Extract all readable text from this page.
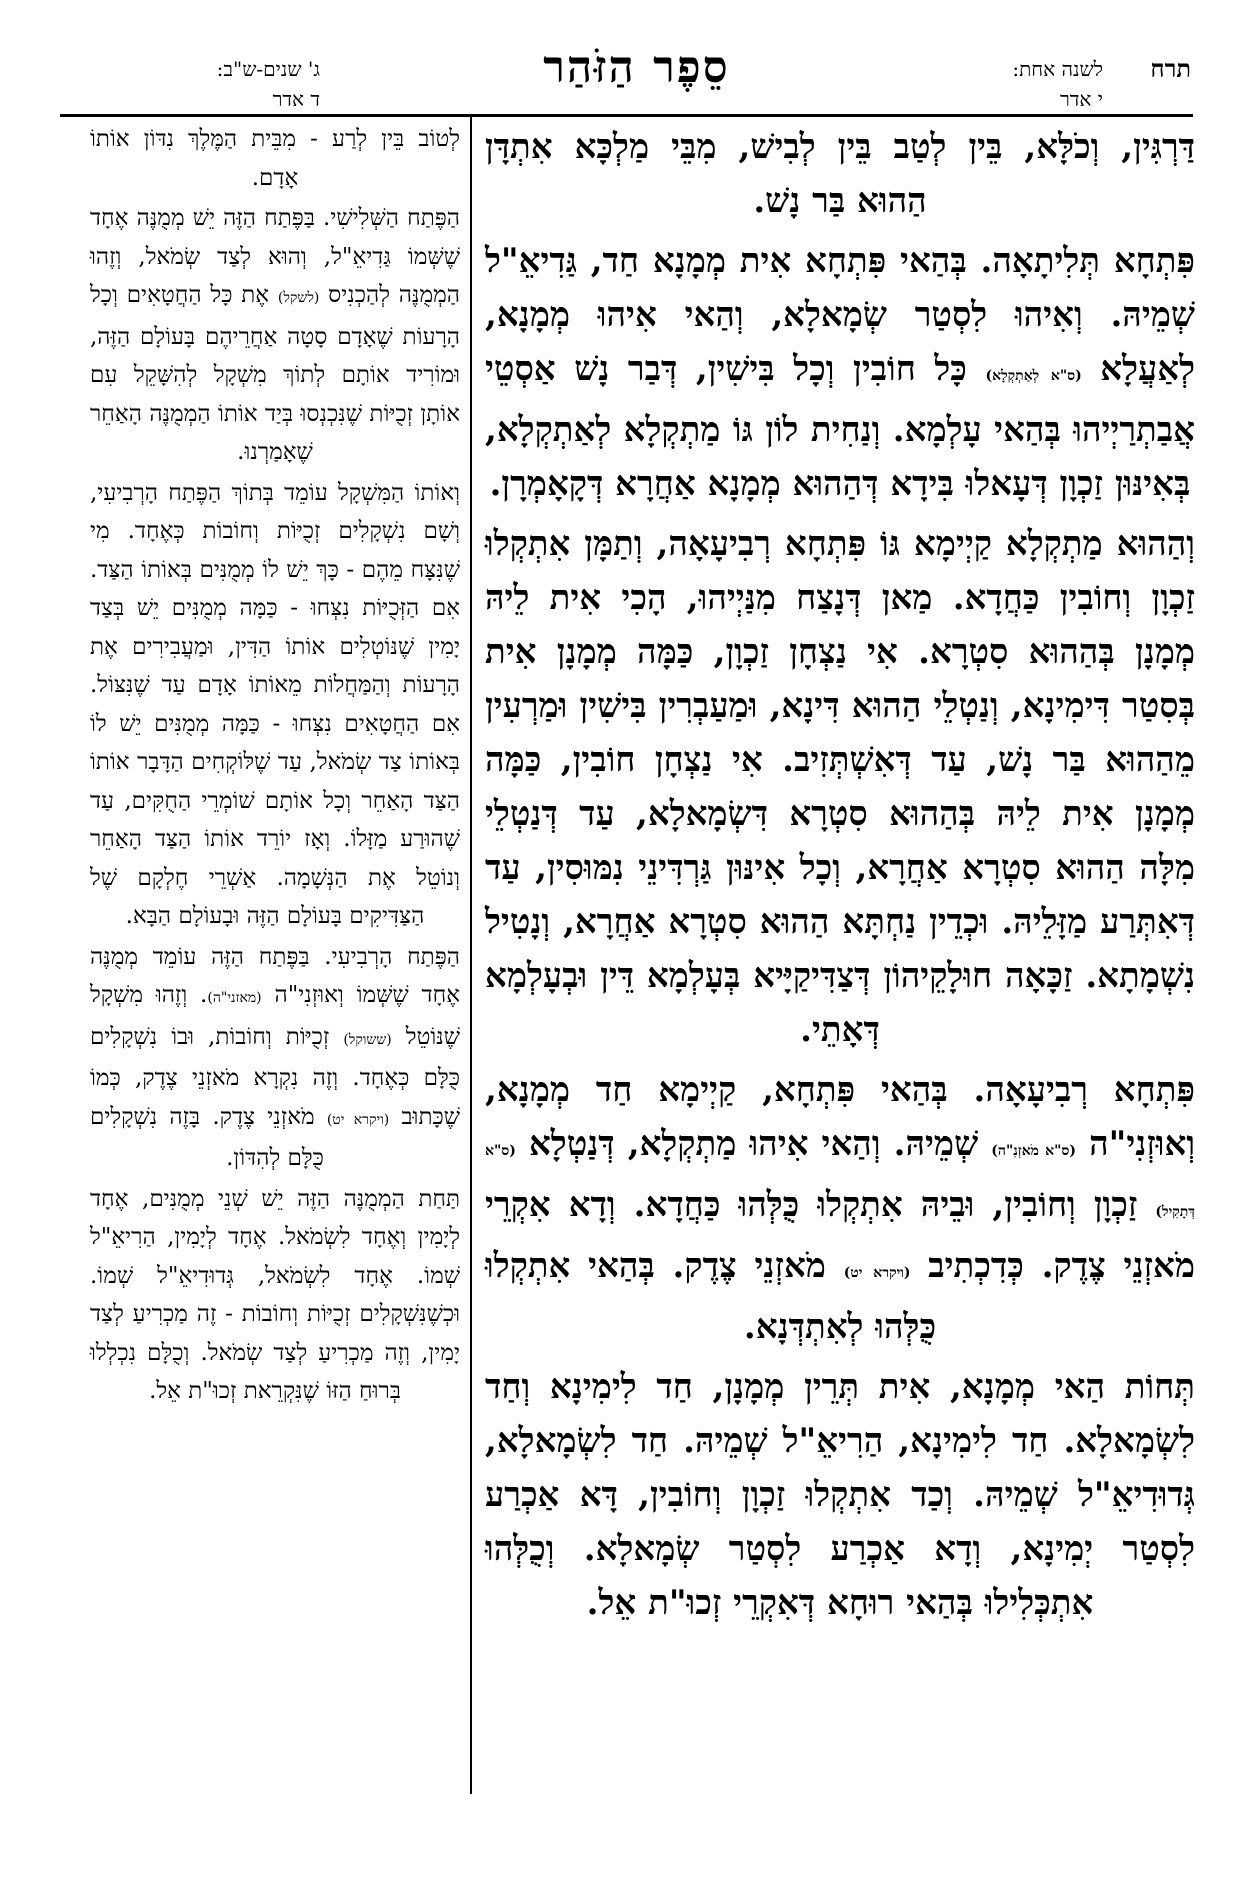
תרח
לשנה אחת:
י אדר
סֵפֶר הַזֹּהַר
ג' שנים-ש"ב:
ד אדר

דַּרְגִּין, וְכֹלָּא, בֵּין לְטַב בֵּין לְבִישׁ, מִבֵּי מַלְכָּא אִתְדָּן הַהוּא בַּר נָשׁ.

פִּתְחָא תְּלִיתָאָה. בְּהַאי פִּתְחָא אִית מְמָנָא חַד, גַּדִיאֵ"ל שְׁמֵיהּ. וְאִיהוּ לִסְטַר שְׂמָאלָא, וְהַאי אִיהוּ מְמָנָא, לְאַעֲלָא (ס"א לְאַתְקְלָא) כָּל חוֹבִין וְכָל בִּישִׁין, דְּבַר נָשׁ אַסְטֵי אֲבַתְרַיְיהוּ בְּהַאי עָלְמָא. וְנַחִית לוֹן גּוֹ מַתְקְלָא לְאַתְקְלָא, בְּאִינּוּן זַכְוָן דְּעָאלוּ בִּידָא דְּהַהוּא מְמָנָא אַחֲרָא דְּקָאָמְרָן.

וְהַהוּא מַתְקְלָא קַיְימָא גּוֹ פִּתְחָא רְבִיעָאָה, וְתַמָּן אִתְקְלוּ זַכְוָן וְחוֹבִין כַּחֲדָא. מַאן דְּנָצַח מִנַּיְיהוּ, הָכִי אִית לֵיהּ מְמָנָן בְּהַהוּא סִטְרָא. אִי נַצְחָן זַכְוָן, כַּמָּה מְמָנָן אִית בְּסִטַר דִּימִינָא, וְנַטְלֵי הַהוּא דִּינָא, וּמַעַבְרִין בִּישִׁין וּמַרְעִין מֵהַהוּא בַּר נָשׁ, עַד דְּאִשְׁתְּזִיב. אִי נַצְחָן חוֹבִין, כַּמָּה מְמָנָן אִית לֵיהּ בְּהַהוּא סִטְרָא דִּשְׂמָאלָא, עַד דְּנַטְלֵי מִלָּה הַהוּא סִטְרָא אַחֲרָא, וְכָל אִינּוּן גַּרְדִּינֵי נִמּוּסִין, עַד דְּאִתְּרַע מַזָּלֵיהּ. וּכְדֵין נַחְתָּא הַהוּא סִטְרָא אַחֲרָא, וְנָטִיל נִשְׁמָתָא. זַכָּאָה חוּלָקֵיהוֹן דְּצַדִּיקַיָּיא בְּעָלְמָא דֵּין וּבְעָלְמָא דְּאָתֵי.

פִּתְחָא רְבִיעָאָה. בְּהַאי פִּתְחָא, קַיְימָא חַד מְמָנָא, וְאוּזְנִי"ה (ס"א מֹאזְנִ"ה) שְׁמֵיהּ. וְהַאי אִיהוּ מַתְקְלָא, דְּנַטְלָא (ס"א דְּתָקִיל) זַכְוָן וְחוֹבִין, וּבֵיהּ אִתְקְלוּ כֻּלְּהוּ כַּחֲדָא. וְדָא אִקְרֵי מֹאזְנֵי צֶדֶק. כְּדִכְתִיב (ויקרא יט) מֹאזְנֵי צֶדֶק. בְּהַאי אִתְקְלוּ כֻּלְּהוּ לְאִתְדְּנָא.

תְּחוֹת הַאי מְמָנָא, אִית תְּרֵין מְמָנָן, חַד לִימִינָא וְחַד לִשְׂמָאלָא. חַד לִימִינָא, הַרִיאֵ"ל שְׁמֵיהּ. חַד לִשְׂמָאלָא, גְּדוּדִיאֵ"ל שְׁמֵיהּ. וְכַד אִתְקְלוּ זַכְוָן וְחוֹבִין, דָּא אַכְרַע לִסְטַר יְמִינָא, וְדָא אַכְרַע לִסְטַר שְׂמָאלָא. וְכֻלְּהוּ אִתְכְּלִילוּ בְּהַאי רוּחָא דְּאִקְרֵי זְכוּ"ת אֵל.

לְטוֹב בֵּין לְרַע - מִבֵּית הַמֶּלֶךְ נִדּוֹן אוֹתוֹ אָדָם.

הַפֶּתַח הַשְּׁלִישִׁי. בַּפֶּתַח הַזֶּה יֵשׁ מְמֻנֶּה אֶחָד שֶׁשְּׁמוֹ גַּדִיאֵ"ל, וְהוּא לְצַד שְׂמֹאל, וְזֶהוּ הַמְמֻנֶּה לְהַכְנִיס (לשקל) אֶת כָּל הַחֲטָאִים וְכָל הָרָעוֹת שֶׁאָדָם סָטָה אַחֲרֵיהֶם בָּעוֹלָם הַזֶּה, וּמוֹרִיד אוֹתָם לְתוֹךְ מִשְׁקָל לְהִשָּׁקֵל עִם אוֹתָן זְכֻיּוֹת שֶׁנִּכְנְסוּ בְּיַד אוֹתוֹ הַמְמֻנֶּה הָאַחֵר שֶׁאָמַרְנוּ.

וְאוֹתוֹ הַמִּשְׁקָל עוֹמֵד בְּתוֹךְ הַפֶּתַח הָרְבִיעִי, וְשָׁם נִשְׁקָלִים זְכֻיּוֹת וְחוֹבוֹת כְּאֶחָד. מִי שֶׁנִּצָּח מֵהֶם - כָּךְ יֵשׁ לוֹ מְמֻנִּים בְּאוֹתוֹ הַצַּד. אִם הַזְּכֻיּוֹת נִצְּחוּ - כַּמָּה מְמֻנִּים יֵשׁ בְּצַד יָמִין שֶׁנּוֹטְלִים אוֹתוֹ הַדִּין, וּמַעֲבִירִים אֶת הָרָעוֹת וְהַמַּחֲלוֹת מֵאוֹתוֹ אָדָם עַד שֶׁנִּצּוֹל. אִם הַחֲטָאִים נִצְּחוּ - כַּמָּה מְמֻנִּים יֵשׁ לוֹ בְּאוֹתוֹ צַד שְׂמֹאל, עַד שֶׁלּוֹקְחִים הַדָּבָר אוֹתוֹ הַצַּד הָאַחֵר וְכָל אוֹתָם שׁוֹמְרֵי הַחֻקִּים, עַד שֶׁהוּרַע מַזָּלוֹ. וְאָז יוֹרֵד אוֹתוֹ הַצַּד הָאַחֵר וְנוֹטֵל אֶת הַנְּשָׁמָה. אַשְׁרֵי חֶלְקָם שֶׁל הַצַּדִּיקִים בָּעוֹלָם הַזֶּה וּבָעוֹלָם הַבָּא.

הַפֶּתַח הָרְבִיעִי. בַּפֶּתַח הַזֶּה עוֹמֵד מְמֻנֶּה אֶחָד שֶׁשְּׁמוֹ וְאוּזְנִי"ה (מאזני"ה). וְזֶהוּ מִשְׁקָל שֶׁנּוֹטֵל (ששוקל) זְכֻיּוֹת וְחוֹבוֹת, וּבוֹ נִשְׁקָלִים כֻּלָּם כְּאֶחָד. וְזֶה נִקְרָא מֹאזְנֵי צֶדֶק, כְּמוֹ שֶׁכָּתוּב (ויקרא יט) מֹאזְנֵי צֶדֶק. בָּזֶה נִשְׁקָלִים כֻּלָּם לְהִדּוֹן.

תַּחַת הַמְמֻנֶּה הַזֶּה יֵשׁ שְׁנֵי מְמֻנִּים, אֶחָד לְיָמִין וְאֶחָד לִשְׂמֹאל. אֶחָד לְיָמִין, הַרִיאֵ"ל שְׁמוֹ. אֶחָד לִשְׂמֹאל, גְּדוּדִיאֵ"ל שְׁמוֹ. וּכְשֶׁנִּשְׁקָלִים זְכֻיּוֹת וְחוֹבוֹת - זֶה מַכְרִיעַ לְצַד יָמִין, וְזֶה מַכְרִיעַ לְצַד שְׂמֹאל. וְכֻלָּם נִכְלְלוּ בְּרוּחַ הַזּוֹ שֶׁנִּקְרֵאת זְכוּ"ת אֵל.
